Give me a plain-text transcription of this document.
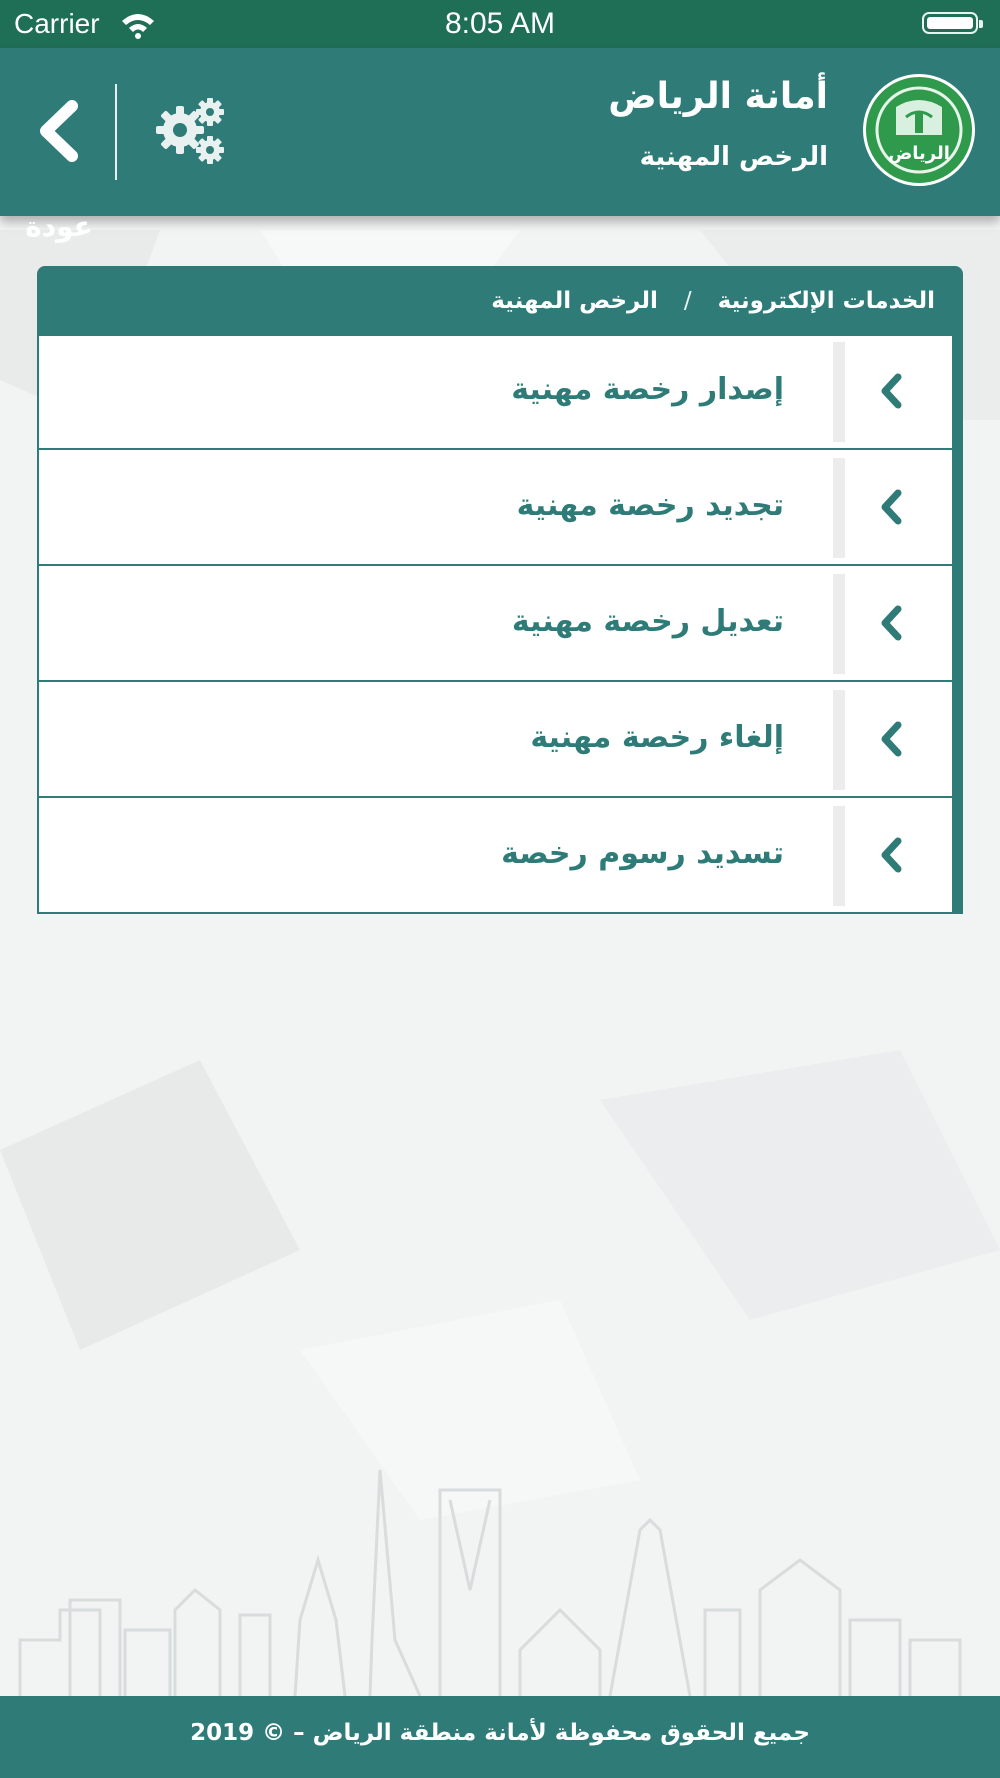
Carrier	8:05 AM
عودة
أمانة الرياض
الرخص المهنية	الرياض
الخدمات الإلكترونية/الرخص المهنية
إصدار رخصة مهنية
تجديد رخصة مهنية
تعديل رخصة مهنية
إلغاء رخصة مهنية
تسديد رسوم رخصة
جميع الحقوق محفوظة لأمانة منطقة الرياض – © 2019
